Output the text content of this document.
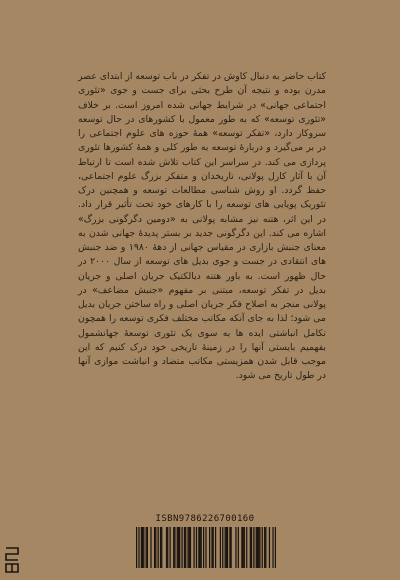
کتاب حاضر به دنبال کاوش در تفکر در باب توسعه از ابتدای عصر مدرن بوده و نتیجه آن طرح بحثی برای جست و جوی «تئوری اجتماعی جهانی» در شرایط جهانی شده امروز است. بر خلاف «تئوری توسعه» که به طور معمول با کشورهای در حال توسعه سروکار دارد، «تفکر توسعه» همهٔ حوزه های علوم اجتماعی را در بر می‌گیرد و دربارهٔ توسعه به طور کلی و همهٔ کشورها تئوری پردازی می کند. در سراسر این کتاب تلاش شده است تا ارتباط آن با آثار کارل پولانی، تاریخدان و متفکر بزرگ علوم اجتماعی، حفظ گردد. او روش شناسی مطالعات توسعه و همچنین درک تئوریک پویایی های توسعه را با کارهای خود تحت تأثیر قرار داد. در این اثر، هتنه نیز مشابه پولانی به «دومین دگرگونی بزرگ» اشاره می کند. این دگرگونی جدید بر بستر پدیدهٔ جهانی شدن به معنای جنبش بازاری در مقیاس جهانی از دههٔ ۱۹۸۰ و ضد جنبش های انتقادی در جست و جوی بدیل های توسعه از سال ۲۰۰۰ در حال ظهور است. به باور هتنه دیالکتیک جریان اصلی و جریان بدیل در تفکر توسعه، مبتنی بر مفهوم «جنبش مضاعف» در پولانی منجر به اصلاح فکر جریان اصلی و راه ساختن جریان بدیل می شود؛ لذا به جای آنکه مکاتب مختلف فکری توسعه را همچون تکامل انباشتی ایده ها به سوی یک تئوری توسعهٔ جهانشمول بفهمیم بایستی آنها را در زمینهٔ تاریخی خود درک کنیم که این موجب قابل شدن همزیستی مکاتب متضاد و انباشت موازی آنها در طول تاریخ می شود.

ISBN9786226700160
